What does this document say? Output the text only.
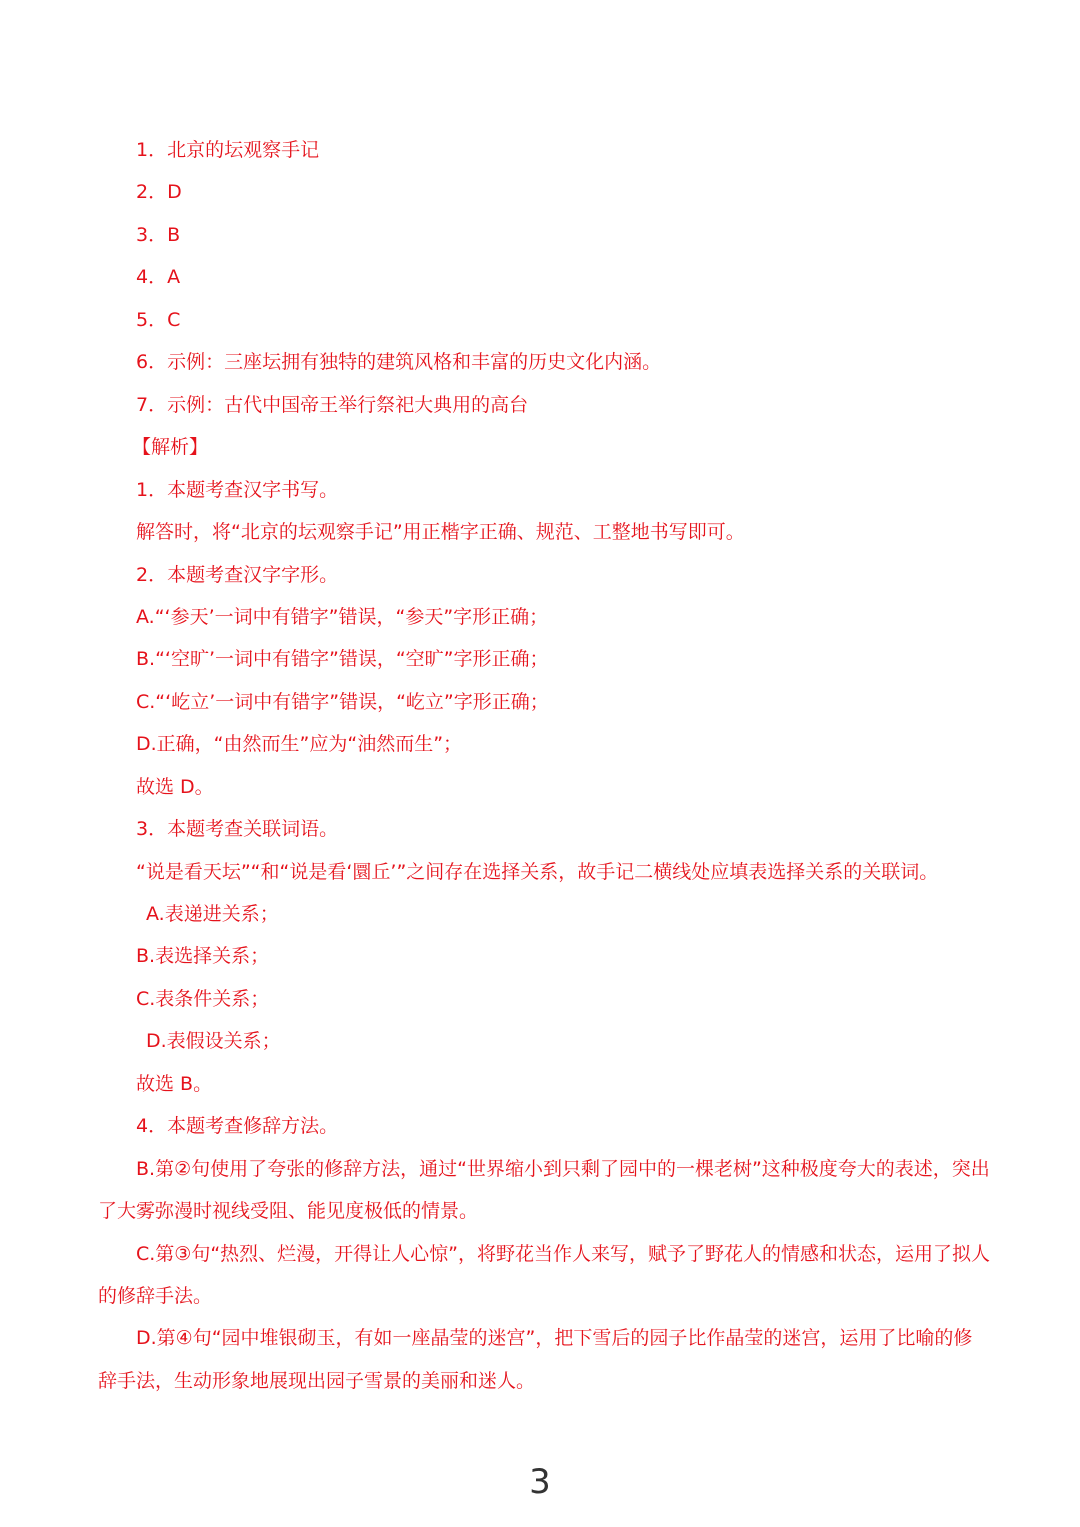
1．北京的坛观察手记

2．D

3．B

4．A

5．C

6．示例：三座坛拥有独特的建筑风格和丰富的历史文化内涵。

7．示例：古代中国帝王举行祭祀大典用的高台

【解析】

1．本题考查汉字书写。

解答时，将“北京的坛观察手记”用正楷字正确、规范、工整地书写即可。

2．本题考查汉字字形。

A.“‘参天’一词中有错字”错误，“参天”字形正确；

B.“‘空旷’一词中有错字”错误，“空旷”字形正确；

C.“‘屹立’一词中有错字”错误，“屹立”字形正确；

D.正确，“由然而生”应为“油然而生”；

故选 D。

3．本题考查关联词语。

“说是看天坛”“和“说是看‘圜丘’”之间存在选择关系，故手记二横线处应填表选择关系的关联词。

A.表递进关系；

B.表选择关系；

C.表条件关系；

D.表假设关系；

故选 B。

4．本题考查修辞方法。

B.第②句使用了夸张的修辞方法，通过“世界缩小到只剩了园中的一棵老树”这种极度夸大的表述，突出

了大雾弥漫时视线受阻、能见度极低的情景。

C.第③句“热烈、烂漫，开得让人心惊”，将野花当作人来写，赋予了野花人的情感和状态，运用了拟人

的修辞手法。

D.第④句“园中堆银砌玉，有如一座晶莹的迷宫”，把下雪后的园子比作晶莹的迷宫，运用了比喻的修

辞手法，生动形象地展现出园子雪景的美丽和迷人。

3
